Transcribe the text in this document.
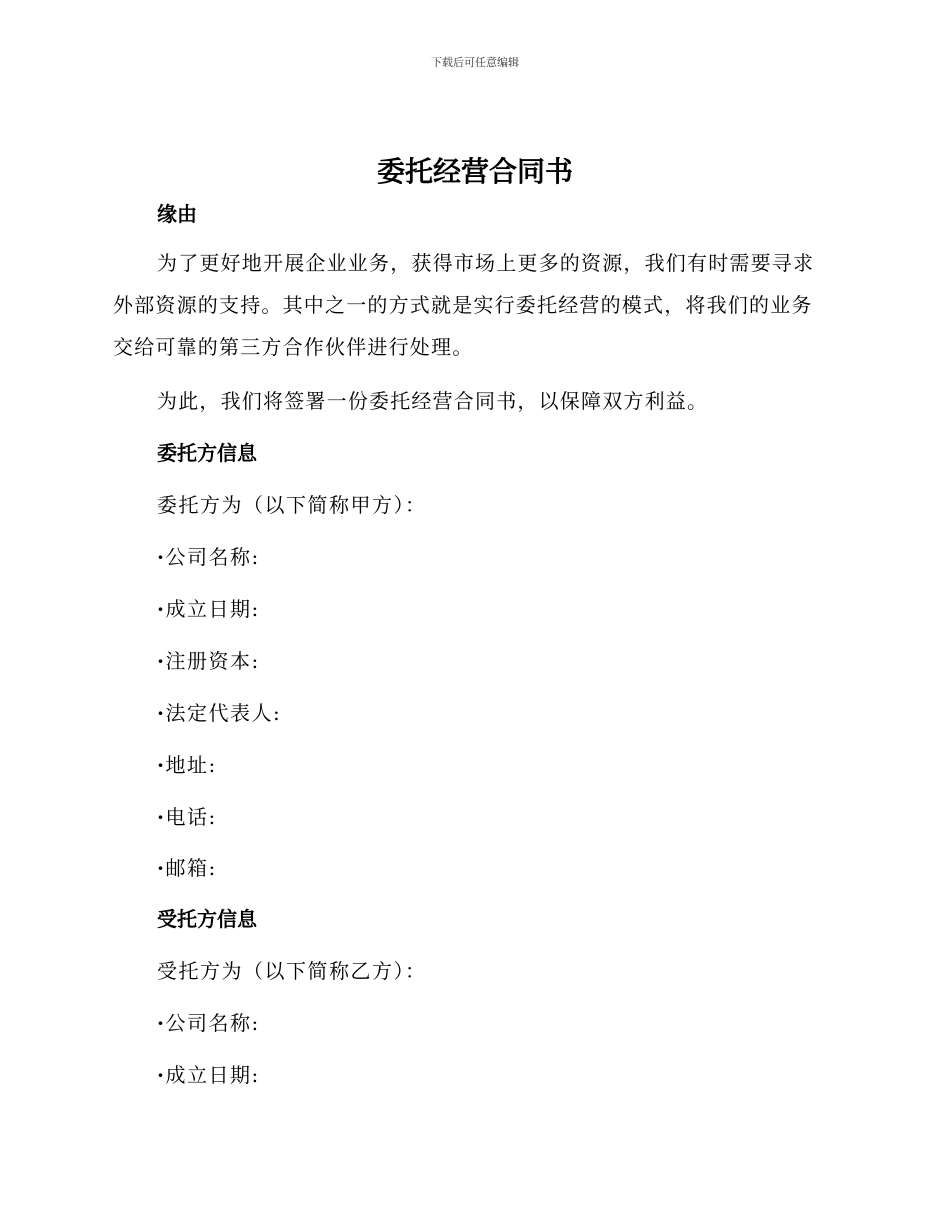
下载后可任意编辑
委托经营合同书
缘由

为了更好地开展企业业务，获得市场上更多的资源，我们有时需要寻求外部资源的支持。其中之一的方式就是实行委托经营的模式，将我们的业务交给可靠的第三方合作伙伴进行处理。

为此，我们将签署一份委托经营合同书，以保障双方利益。

委托方信息

委托方为（以下简称甲方）：

· 公司名称:

· 成立日期:

· 注册资本:

· 法定代表人:

· 地址:

· 电话:

· 邮箱:

受托方信息

受托方为（以下简称乙方）：

· 公司名称:

· 成立日期:
